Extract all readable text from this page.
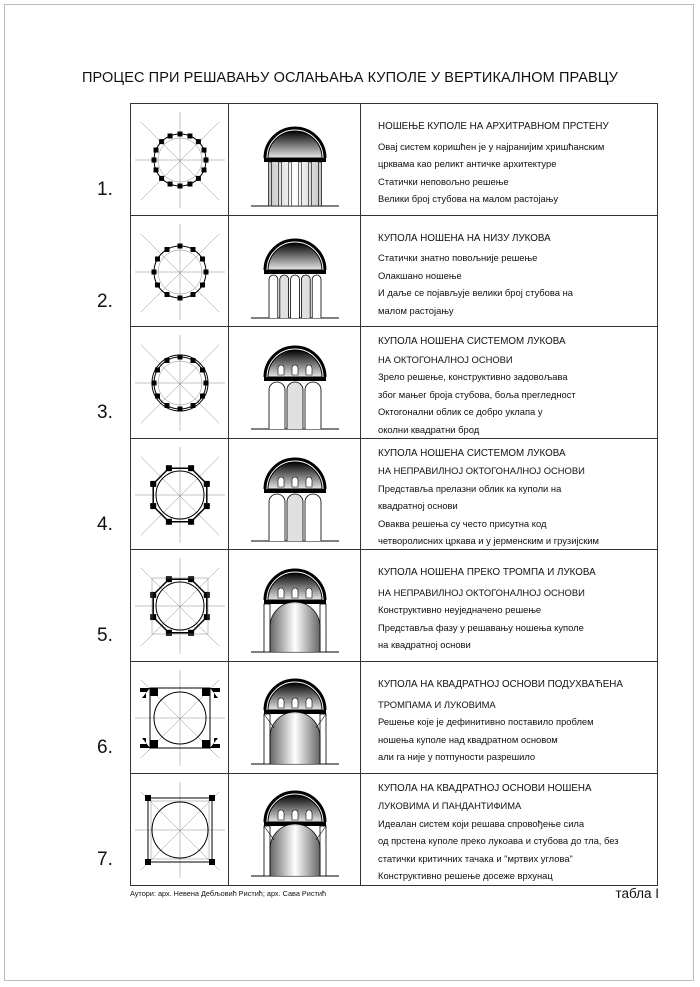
ПРОЦЕС ПРИ РЕШАВАЊУ ОСЛАЊАЊА КУПОЛЕ У ВЕРТИКАЛНОМ ПРАВЦУ
НОШЕЊЕ КУПОЛЕ НА АРХИТРАВНОМ ПРСТЕНУ
Овај систем коришћен је у најранијим хришћанским
црквама као реликт античке архитектуре
Статички неповољно решење
Велики број стубова на малом растојању
КУПОЛА НОШЕНА НА НИЗУ ЛУКОВА
Статички знатно повољније решење
Олакшано ношење
И даље се појављује велики број стубова на
малом растојању
КУПОЛА НОШЕНА СИСТЕМОМ ЛУКОВА
НА ОКТОГОНАЛНОЈ ОСНОВИ
Зрело решење, конструктивно задовољава
због мањег броја стубова, боља прегледност
Октогонални облик се добро уклапа у
околни квадратни брод
КУПОЛА НОШЕНА СИСТЕМОМ ЛУКОВА
НА НЕПРАВИЛНОЈ ОКТОГОНАЛНОЈ ОСНОВИ
Представља прелазни облик ка куполи на
квадратној основи
Оваква решења су често присутна код
четворолисних цркава и у јерменским и грузијским
КУПОЛА НОШЕНА ПРЕКО ТРОМПА И ЛУКОВА
НА НЕПРАВИЛНОЈ ОКТОГОНАЛНОЈ ОСНОВИ
Конструктивно неуједначено решење
Представља фазу у решавању ношења куполе
на квадратној основи
КУПОЛА НА КВАДРАТНОЈ ОСНОВИ ПОДУХВАЋЕНА
ТРОМПАМА И ЛУКОВИМА
Решење које је дефинитивно поставило проблем
ношења куполе над квадратном основом
али га није у потпуности разрешило
КУПОЛА НА КВАДРАТНОЈ ОСНОВИ НОШЕНА
ЛУКОВИМА И ПАНДАНТИФИМА
Идеалан систем који решава спровођење сила
од прстена куполе преко лукоава и стубова до тла, без
статички критичних тачака и "мртвих углова"
Конструктивно решење досеже врхунац
1.
2.
3.
4.
5.
6.
7.
Аутори: арх. Невена Дебљовић Ристић; арх. Сава Ристић	табла I
